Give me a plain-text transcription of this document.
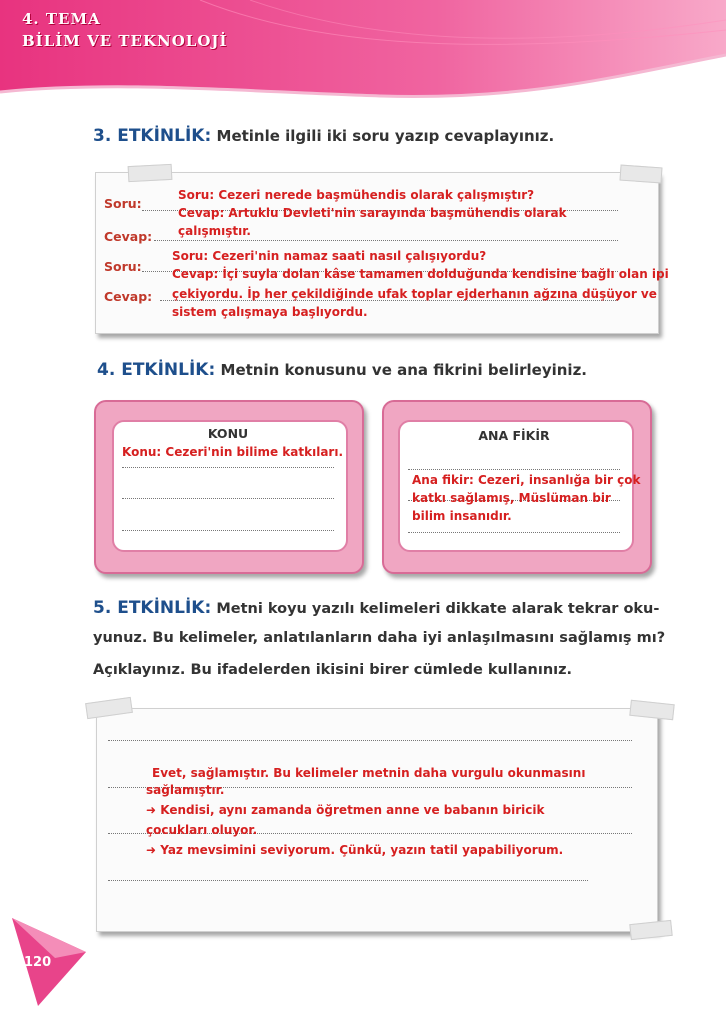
4. TEMA
BİLİM VE TEKNOLOJİ
3. ETKİNLİK: Metinle ilgili iki soru yazıp cevaplayınız.
Soru:
Cevap:
Soru:
Cevap:
Soru: Cezeri nerede başmühendis olarak çalışmıştır?
Cevap: Artuklu Devleti'nin sarayında başmühendis olarak
çalışmıştır.
Soru: Cezeri'nin namaz saati nasıl çalışıyordu?
Cevap: İçi suyla dolan kâse tamamen dolduğunda kendisine bağlı olan ipi
çekiyordu. İp her çekildiğinde ufak toplar ejderhanın ağzına düşüyor ve
sistem çalışmaya başlıyordu.
4. ETKİNLİK: Metnin konusunu ve ana fikrini belirleyiniz.
KONU
Konu: Cezeri'nin bilime katkıları.
ANA FİKİR
Ana fikir: Cezeri, insanlığa bir çok
katkı sağlamış, Müslüman bir
bilim insanıdır.
5. ETKİNLİK: Metni koyu yazılı kelimeleri dikkate alarak tekrar oku-
yunuz. Bu kelimeler, anlatılanların daha iyi anlaşılmasını sağlamış mı?
Açıklayınız. Bu ifadelerden ikisini birer cümlede kullanınız.
Evet, sağlamıştır. Bu kelimeler metnin daha vurgulu okunmasını
sağlamıştır.
➜ Kendisi, aynı zamanda öğretmen anne ve babanın biricik
çocukları oluyor.
➜ Yaz mevsimini seviyorum. Çünkü, yazın tatil yapabiliyorum.
120
